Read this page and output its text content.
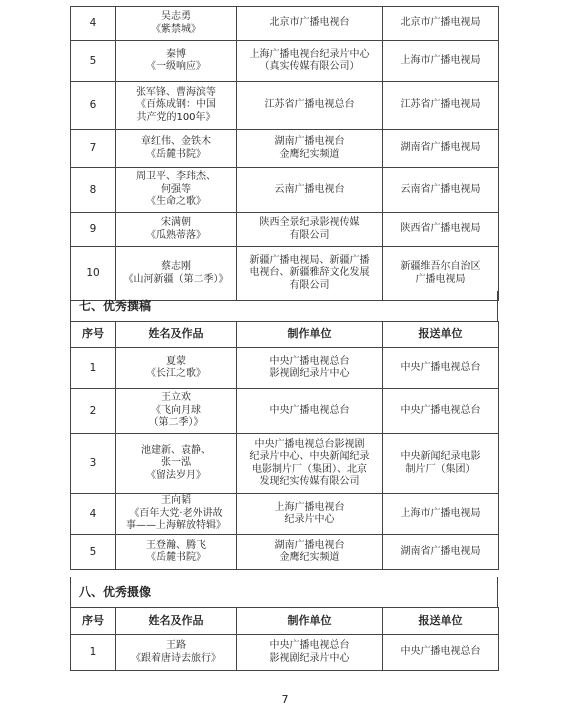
4	吴志勇
《紫禁城》	北京市广播电视台	北京市广播电视局

5	秦博
《一级响应》	上海广播电视台纪录片中心
（真实传媒有限公司）	上海市广播电视局

6	张军锋、曹海滨等
《百炼成钢：中国
共产党的100年》	江苏省广播电视总台	江苏省广播电视局

7	章红伟、金铁木
《岳麓书院》	湖南广播电视台
金鹰纪实频道	湖南省广播电视局

8	周卫平、李玮杰、
何强等
《生命之歌》	云南广播电视台	云南省广播电视局

9	宋满朝
《瓜熟蒂落》	陕西全景纪录影视传媒
有限公司	陕西省广播电视局

10	蔡志刚
《山河新疆（第二季）》	新疆广播电视局、新疆广播
电视台、新疆雅辞文化发展
有限公司	新疆维吾尔自治区
广播电视局
七、优秀撰稿
序号	姓名及作品	制作单位	报送单位
1	夏蒙
《长江之歌》	中央广播电视总台
影视剧纪录片中心	中央广播电视总台

2	王立欢
《飞向月球
（第二季）》	中央广播电视总台	中央广播电视总台

3	池建新、袁静、
张一泓
《留法岁月》	中央广播电视总台影视剧
纪录片中心、中央新闻纪录
电影制片厂（集团）、北京
发现纪实传媒有限公司	中央新闻纪录电影
制片厂（集团）

4	王向韬
《百年大党·老外讲故
事——上海解放特辑》	上海广播电视台
纪录片中心	上海市广播电视局

5	王登瀚、腾飞
《岳麓书院》	湖南广播电视台
金鹰纪实频道	湖南省广播电视局
八、优秀摄像
序号	姓名及作品	制作单位	报送单位
1	王路
《跟着唐诗去旅行》	中央广播电视总台
影视剧纪录片中心	中央广播电视总台
7
